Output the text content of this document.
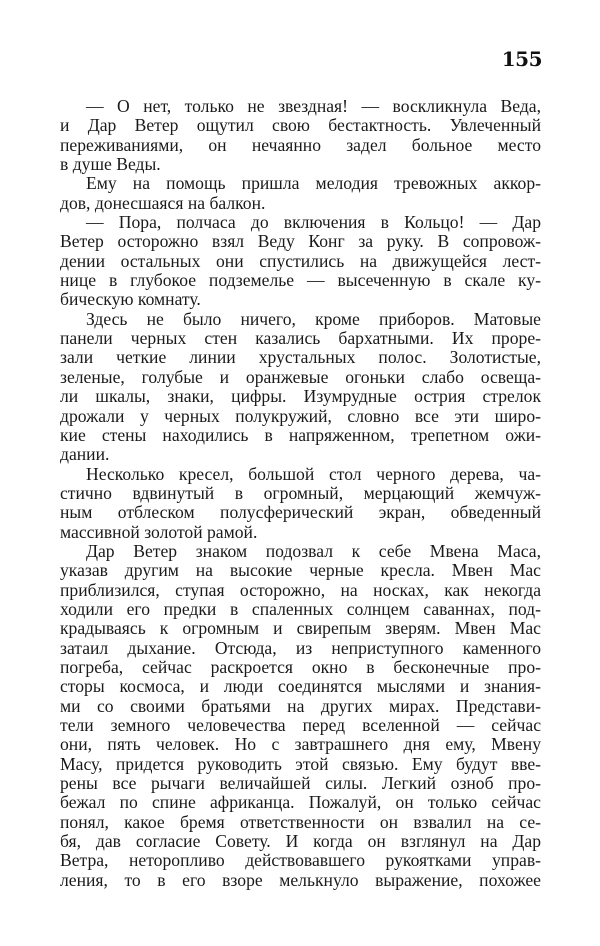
155
— О нет, только не звездная! — воскликнула Веда,
и Дар Ветер ощутил свою бестактность. Увлеченный
переживаниями, он нечаянно задел больное место
в душе Веды.
Ему на помощь пришла мелодия тревожных аккор-
дов, донесшаяся на балкон.
— Пора, полчаса до включения в Кольцо! — Дар
Ветер осторожно взял Веду Конг за руку. В сопровож-
дении остальных они спустились на движущейся лест-
нице в глубокое подземелье — высеченную в скале ку-
бическую комнату.
Здесь не было ничего, кроме приборов. Матовые
панели черных стен казались бархатными. Их проре-
зали четкие линии хрустальных полос. Золотистые,
зеленые, голубые и оранжевые огоньки слабо освеща-
ли шкалы, знаки, цифры. Изумрудные острия стрелок
дрожали у черных полукружий, словно все эти широ-
кие стены находились в напряженном, трепетном ожи-
дании.
Несколько кресел, большой стол черного дерева, ча-
стично вдвинутый в огромный, мерцающий жемчуж-
ным отблеском полусферический экран, обведенный
массивной золотой рамой.
Дар Ветер знаком подозвал к себе Мвена Маса,
указав другим на высокие черные кресла. Мвен Мас
приблизился, ступая осторожно, на носках, как некогда
ходили его предки в спаленных солнцем саваннах, под-
крадываясь к огромным и свирепым зверям. Мвен Мас
затаил дыхание. Отсюда, из неприступного каменного
погреба, сейчас раскроется окно в бесконечные про-
сторы космоса, и люди соединятся мыслями и знания-
ми со своими братьями на других мирах. Представи-
тели земного человечества перед вселенной — сейчас
они, пять человек. Но с завтрашнего дня ему, Мвену
Масу, придется руководить этой связью. Ему будут вве-
рены все рычаги величайшей силы. Легкий озноб про-
бежал по спине африканца. Пожалуй, он только сейчас
понял, какое бремя ответственности он взвалил на се-
бя, дав согласие Совету. И когда он взглянул на Дар
Ветра, неторопливо действовавшего рукоятками управ-
ления, то в его взоре мелькнуло выражение, похожее
